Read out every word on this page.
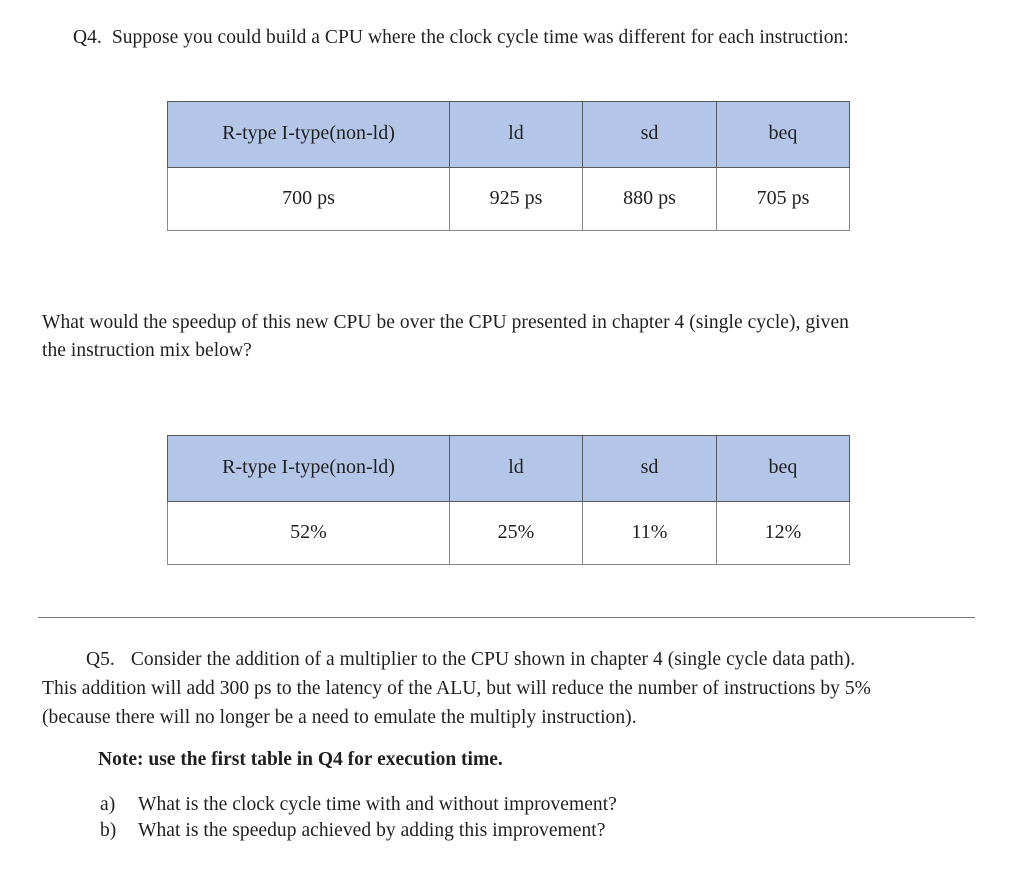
Q4. Suppose you could build a CPU where the clock cycle time was different for each instruction:
R-type I-type(non-ld)	ld	sd	beq
700 ps	925 ps	880 ps	705 ps
What would the speedup of this new CPU be over the CPU presented in chapter 4 (single cycle), given
the instruction mix below?
R-type I-type(non-ld)	ld	sd	beq
52%	25%	11%	12%
Q5. Consider the addition of a multiplier to the CPU shown in chapter 4 (single cycle data path).
This addition will add 300 ps to the latency of the ALU, but will reduce the number of instructions by 5%
(because there will no longer be a need to emulate the multiply instruction).
Note: use the first table in Q4 for execution time.
a) What is the clock cycle time with and without improvement?
b) What is the speedup achieved by adding this improvement?
